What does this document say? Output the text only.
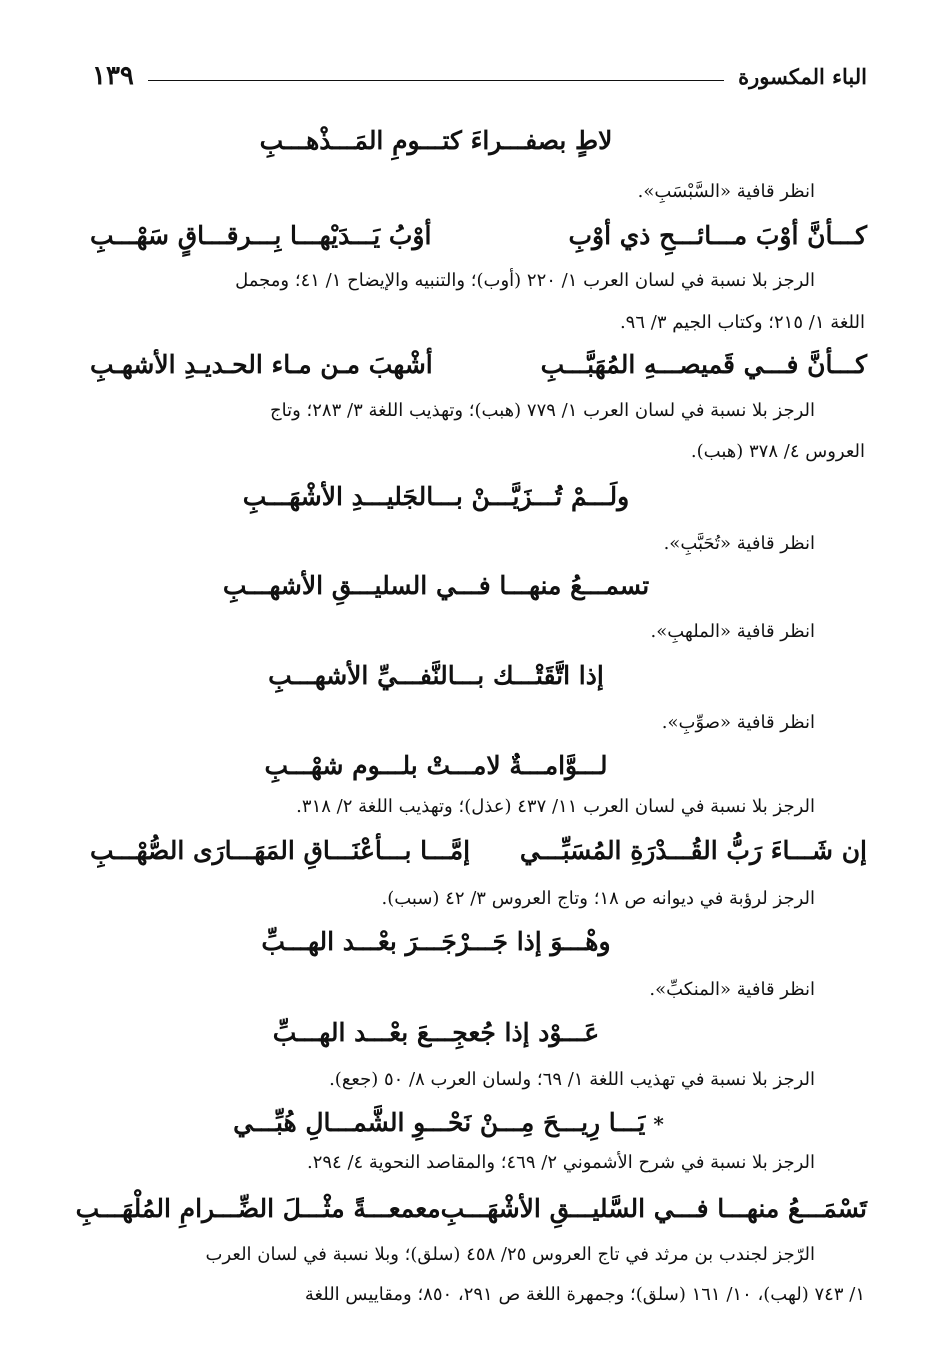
الباء المكسورة
١٣٩
لاطٍ بصفـــراءَ كتـــومِ المَـــذْهـــبِ
انظر قافية «السَّبْسَبِ».
كـــأنَّ أوْبَ مـــائـــحِ ذي أوْبِ
أوْبُ يَـــدَيْهـــا بِـــرقـــاقٍ سَهْـــبِ
الرجز بلا نسبة في لسان العرب ١/ ٢٢٠ (أوب)؛ والتنبيه والإيضاح ١/ ٤١؛ ومجمل
اللغة ١/ ٢١٥؛ وكتاب الجيم ٣/ ٩٦.
كـــأنَّ فـــي قَميصـــهِ المُهَبَّـــبِ
أشْهبَ مـن مـاء الحـديـدِ الأشهـبِ
الرجز بلا نسبة في لسان العرب ١/ ٧٧٩ (هبب)؛ وتهذيب اللغة ٣/ ٢٨٣؛ وتاج
العروس ٤/ ٣٧٨ (هبب).
ولَـــمْ تُـــزَيَّـــنْ بـــالجَليـــدِ الأشْهَـــبِ
انظر قافية «تُحَبَّبِ».
تسمـــعُ منهـــا فـــي السليـــقِ الأشهـــبِ
انظر قافية «الملهبِ».
إذا اتَّقَتْـــك بـــالنَّفـــيِّ الأشهـــبِ
انظر قافية «صوِّبِ».
لـــوَّامـــةٌ لامـــتْ بلـــوم شهْـــبِ
الرجز بلا نسبة في لسان العرب ١١/ ٤٣٧ (عذل)؛ وتهذيب اللغة ٢/ ٣١٨.
إن شَـــاءَ رَبُّ القُـــدْرَةِ المُسَبِّـــي
إمَّـــا بـــأعْنَـــاقِ المَهَـــارَى الصُّهْـــبِ
الرجز لرؤبة في ديوانه ص ١٨؛ وتاج العروس ٣/ ٤٢ (سبب).
وهْـــوَ إذا جَـــرْجَـــرَ بعْـــد الهـــبِّ
انظر قافية «المنكبِّ».
عَـــوْد إذا جُعجِـــعَ بعْـــد الهـــبِّ
الرجز بلا نسبة في تهذيب اللغة ١/ ٦٩؛ ولسان العرب ٨/ ٥٠ (جعع).
*يَـــا رِيـــحَ مِـــنْ نَحْـــوِ الشَّمـــالِ هُبِّـــي
الرجز بلا نسبة في شرح الأشموني ٢/ ٤٦٩؛ والمقاصد النحوية ٤/ ٢٩٤.
تَسْمَـــعُ منهـــا فـــي السَّليـــقِ الأشْهَـــبِ
معمعـــةً مثْـــلَ الضِّـــرامِ المُلْهَـــبِ
الرّجز لجندب بن مرثد في تاج العروس ٢٥/ ٤٥٨ (سلق)؛ وبلا نسبة في لسان العرب
١/ ٧٤٣ (لهب)، ١٠/ ١٦١ (سلق)؛ وجمهرة اللغة ص ٢٩١، ٨٥٠؛ ومقاييس اللغة
